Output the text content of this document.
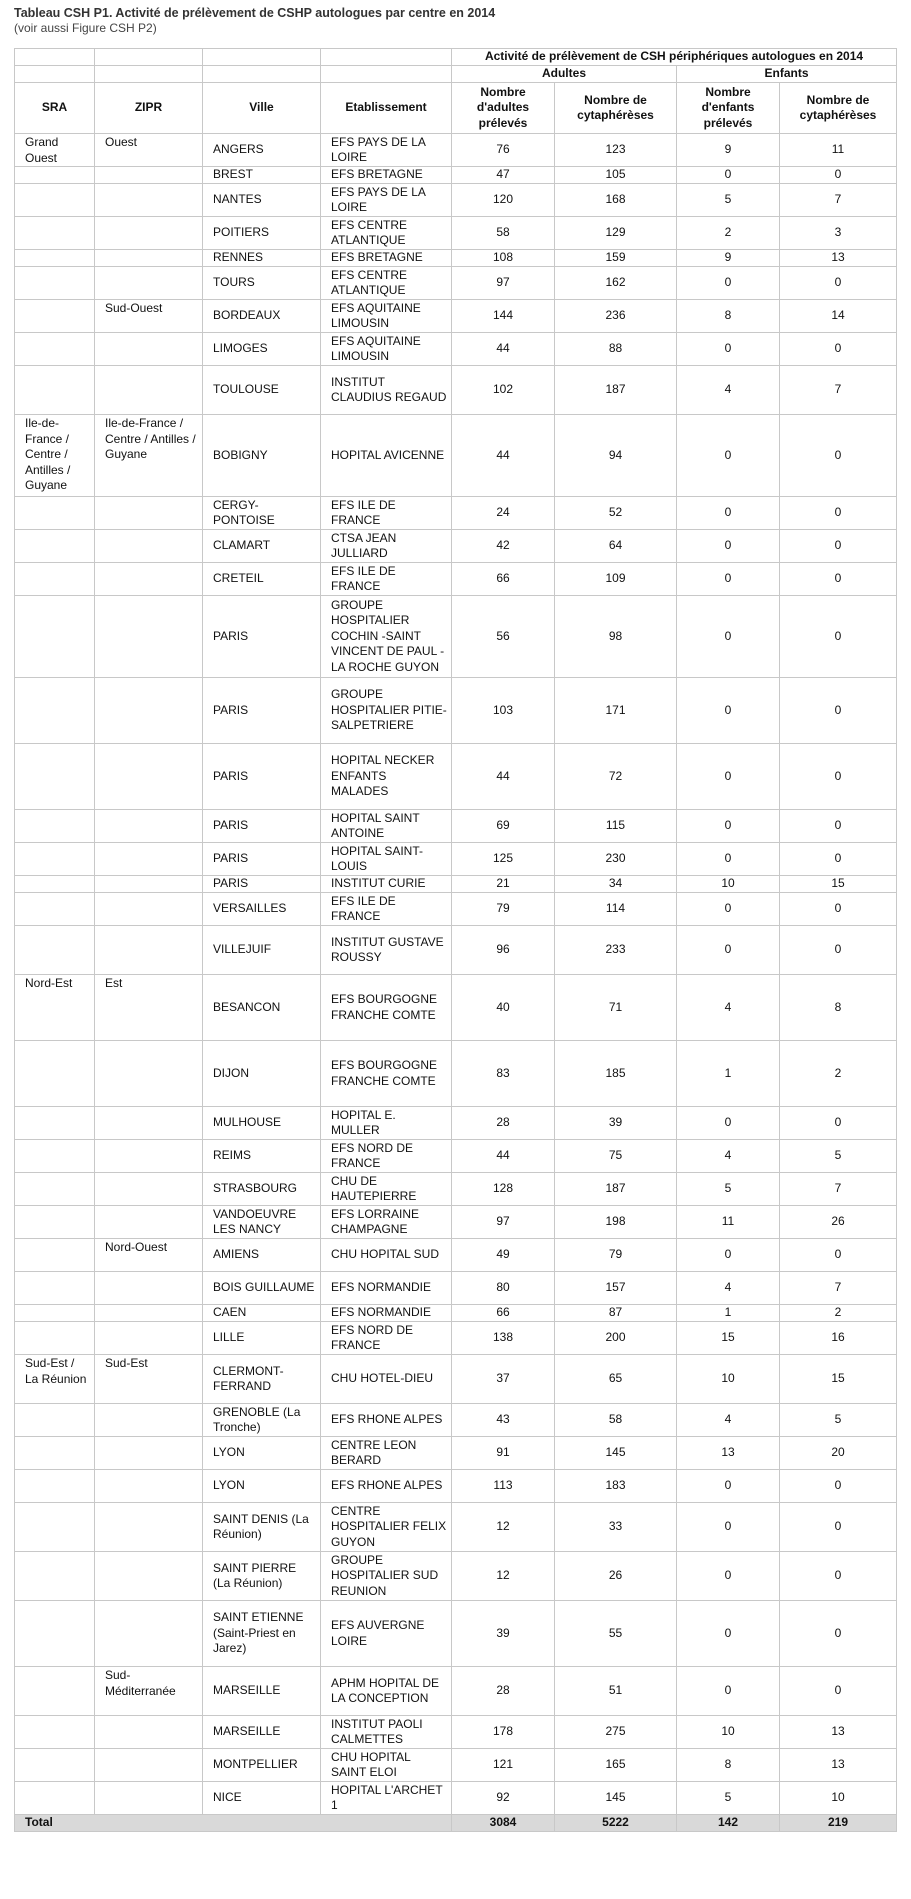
Tableau CSH P1. Activité de prélèvement de CSHP autologues par centre en 2014
(voir aussi Figure CSH P2)
				Activité de prélèvement de CSH périphériques autologues en 2014			
				Adultes		Enfants	
SRA	ZIPR	Ville	Etablissement	Nombre d'adultes prélevés	Nombre de cytaphérèses	Nombre d'enfants prélevés	Nombre de cytaphérèses
Grand Ouest	Ouest	ANGERS	EFS PAYS DE LA LOIRE	76	123	9	11
		BREST	EFS BRETAGNE	47	105	0	0
		NANTES	EFS PAYS DE LA LOIRE	120	168	5	7
		POITIERS	EFS CENTRE ATLANTIQUE	58	129	2	3
		RENNES	EFS BRETAGNE	108	159	9	13
		TOURS	EFS CENTRE ATLANTIQUE	97	162	0	0
	Sud-Ouest	BORDEAUX	EFS AQUITAINE LIMOUSIN	144	236	8	14
		LIMOGES	EFS AQUITAINE LIMOUSIN	44	88	0	0
		TOULOUSE	INSTITUT CLAUDIUS REGAUD	102	187	4	7
Ile-de-France / Centre / Antilles / Guyane	Ile-de-France / Centre / Antilles / Guyane	BOBIGNY	HOPITAL AVICENNE	44	94	0	0
		CERGY-PONTOISE	EFS ILE DE FRANCE	24	52	0	0
		CLAMART	CTSA JEAN JULLIARD	42	64	0	0
		CRETEIL	EFS ILE DE FRANCE	66	109	0	0
		PARIS	GROUPE HOSPITALIER COCHIN -SAINT VINCENT DE PAUL - LA ROCHE GUYON	56	98	0	0
		PARIS	GROUPE HOSPITALIER PITIE-SALPETRIERE	103	171	0	0
		PARIS	HOPITAL NECKER ENFANTS MALADES	44	72	0	0
		PARIS	HOPITAL SAINT ANTOINE	69	115	0	0
		PARIS	HOPITAL SAINT-LOUIS	125	230	0	0
		PARIS	INSTITUT CURIE	21	34	10	15
		VERSAILLES	EFS ILE DE FRANCE	79	114	0	0
		VILLEJUIF	INSTITUT GUSTAVE ROUSSY	96	233	0	0
Nord-Est	Est	BESANCON	EFS BOURGOGNE FRANCHE COMTE	40	71	4	8
		DIJON	EFS BOURGOGNE FRANCHE COMTE	83	185	1	2
		MULHOUSE	HOPITAL E. MULLER	28	39	0	0
		REIMS	EFS NORD DE FRANCE	44	75	4	5
		STRASBOURG	CHU DE HAUTEPIERRE	128	187	5	7
		VANDOEUVRE LES NANCY	EFS LORRAINE CHAMPAGNE	97	198	11	26
	Nord-Ouest	AMIENS	CHU HOPITAL SUD	49	79	0	0
		BOIS GUILLAUME	EFS NORMANDIE	80	157	4	7
		CAEN	EFS NORMANDIE	66	87	1	2
		LILLE	EFS NORD DE FRANCE	138	200	15	16
Sud-Est / La Réunion	Sud-Est	CLERMONT-FERRAND	CHU HOTEL-DIEU	37	65	10	15
		GRENOBLE (La Tronche)	EFS RHONE ALPES	43	58	4	5
		LYON	CENTRE LEON BERARD	91	145	13	20
		LYON	EFS RHONE ALPES	113	183	0	0
		SAINT DENIS (La Réunion)	CENTRE HOSPITALIER FELIX GUYON	12	33	0	0
		SAINT PIERRE (La Réunion)	GROUPE HOSPITALIER SUD REUNION	12	26	0	0
		SAINT ETIENNE (Saint-Priest en Jarez)	EFS AUVERGNE LOIRE	39	55	0	0
	Sud-Méditerranée	MARSEILLE	APHM HOPITAL DE LA CONCEPTION	28	51	0	0
		MARSEILLE	INSTITUT PAOLI CALMETTES	178	275	10	13
		MONTPELLIER	CHU HOPITAL SAINT ELOI	121	165	8	13
		NICE	HOPITAL L'ARCHET 1	92	145	5	10
Total				3084	5222	142	219
